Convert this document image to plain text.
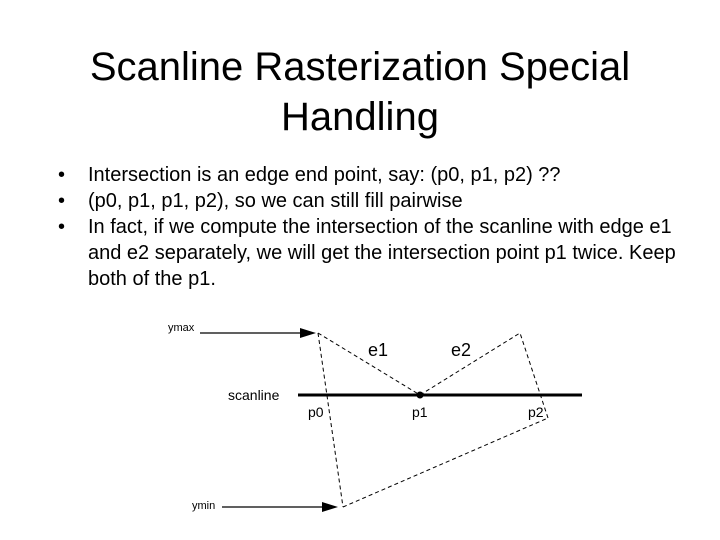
Scanline Rasterization Special
Handling
•	Intersection is an edge end point, say: (p0, p1, p2) ??
•	(p0, p1, p1, p2), so we can still fill pairwise
•	In fact, if we compute the intersection of the scanline with edge e1 and e2 separately, we will get the intersection point p1 twice. Keep both of the p1.
ymax
ymin
scanline
e1	e2
p0	p1	p2
